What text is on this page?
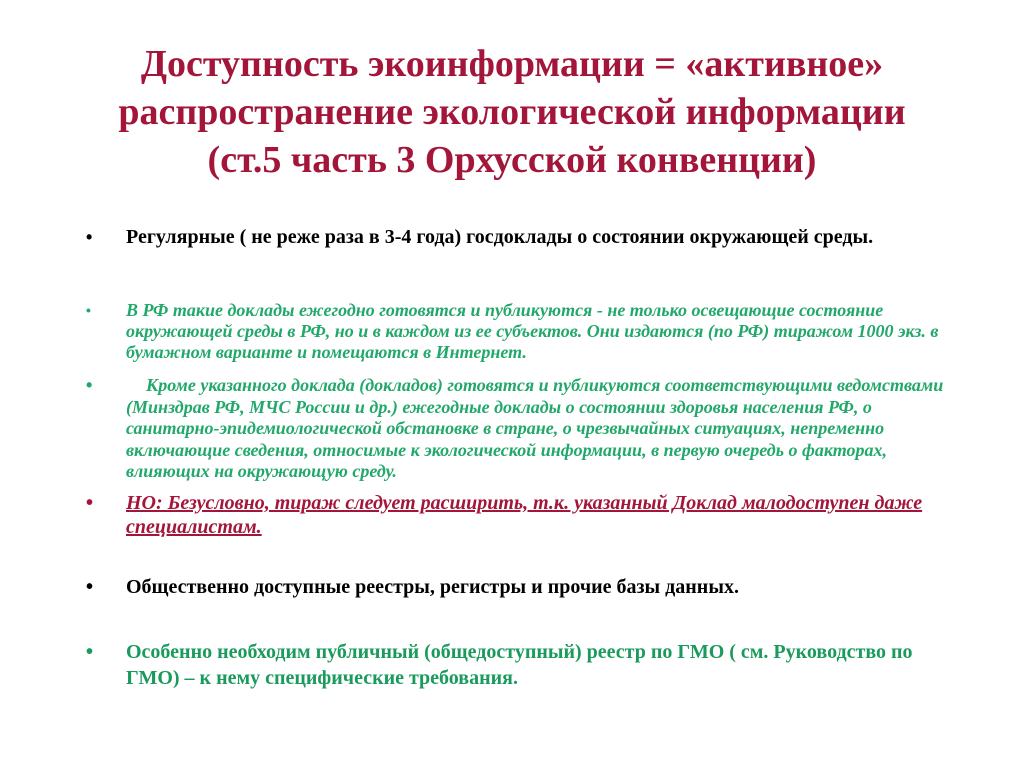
Доступность экоинформации = «активное»
распространение экологической информации
(ст.5 часть 3 Орхусской конвенции)
• Регулярные ( не реже раза в 3-4 года) госдоклады о состоянии окружающей среды.
• В РФ такие доклады ежегодно готовятся и публикуются - не только освещающие состояние окружающей среды в РФ, но и в каждом из ее субъектов. Они издаются (по РФ) тиражом 1000 экз. в бумажном варианте и помещаются в Интернет.
•	Кроме указанного доклада (докладов) готовятся и публикуются соответствующими ведомствами (Минздрав РФ, МЧС России и др.) ежегодные доклады о состоянии здоровья населения РФ, о санитарно-эпидемиологической обстановке в стране, о чрезвычайных ситуациях, непременно включающие сведения, относимые к экологической информации, в первую очередь о факторах, влияющих на окружающую среду.
• НО: Безусловно, тираж следует расширить, т.к. указанный Доклад малодоступен даже специалистам.
• Общественно доступные реестры, регистры и прочие базы данных.
• Особенно необходим публичный (общедоступный) реестр по ГМО ( см. Руководство по ГМО) – к нему специфические требования.
